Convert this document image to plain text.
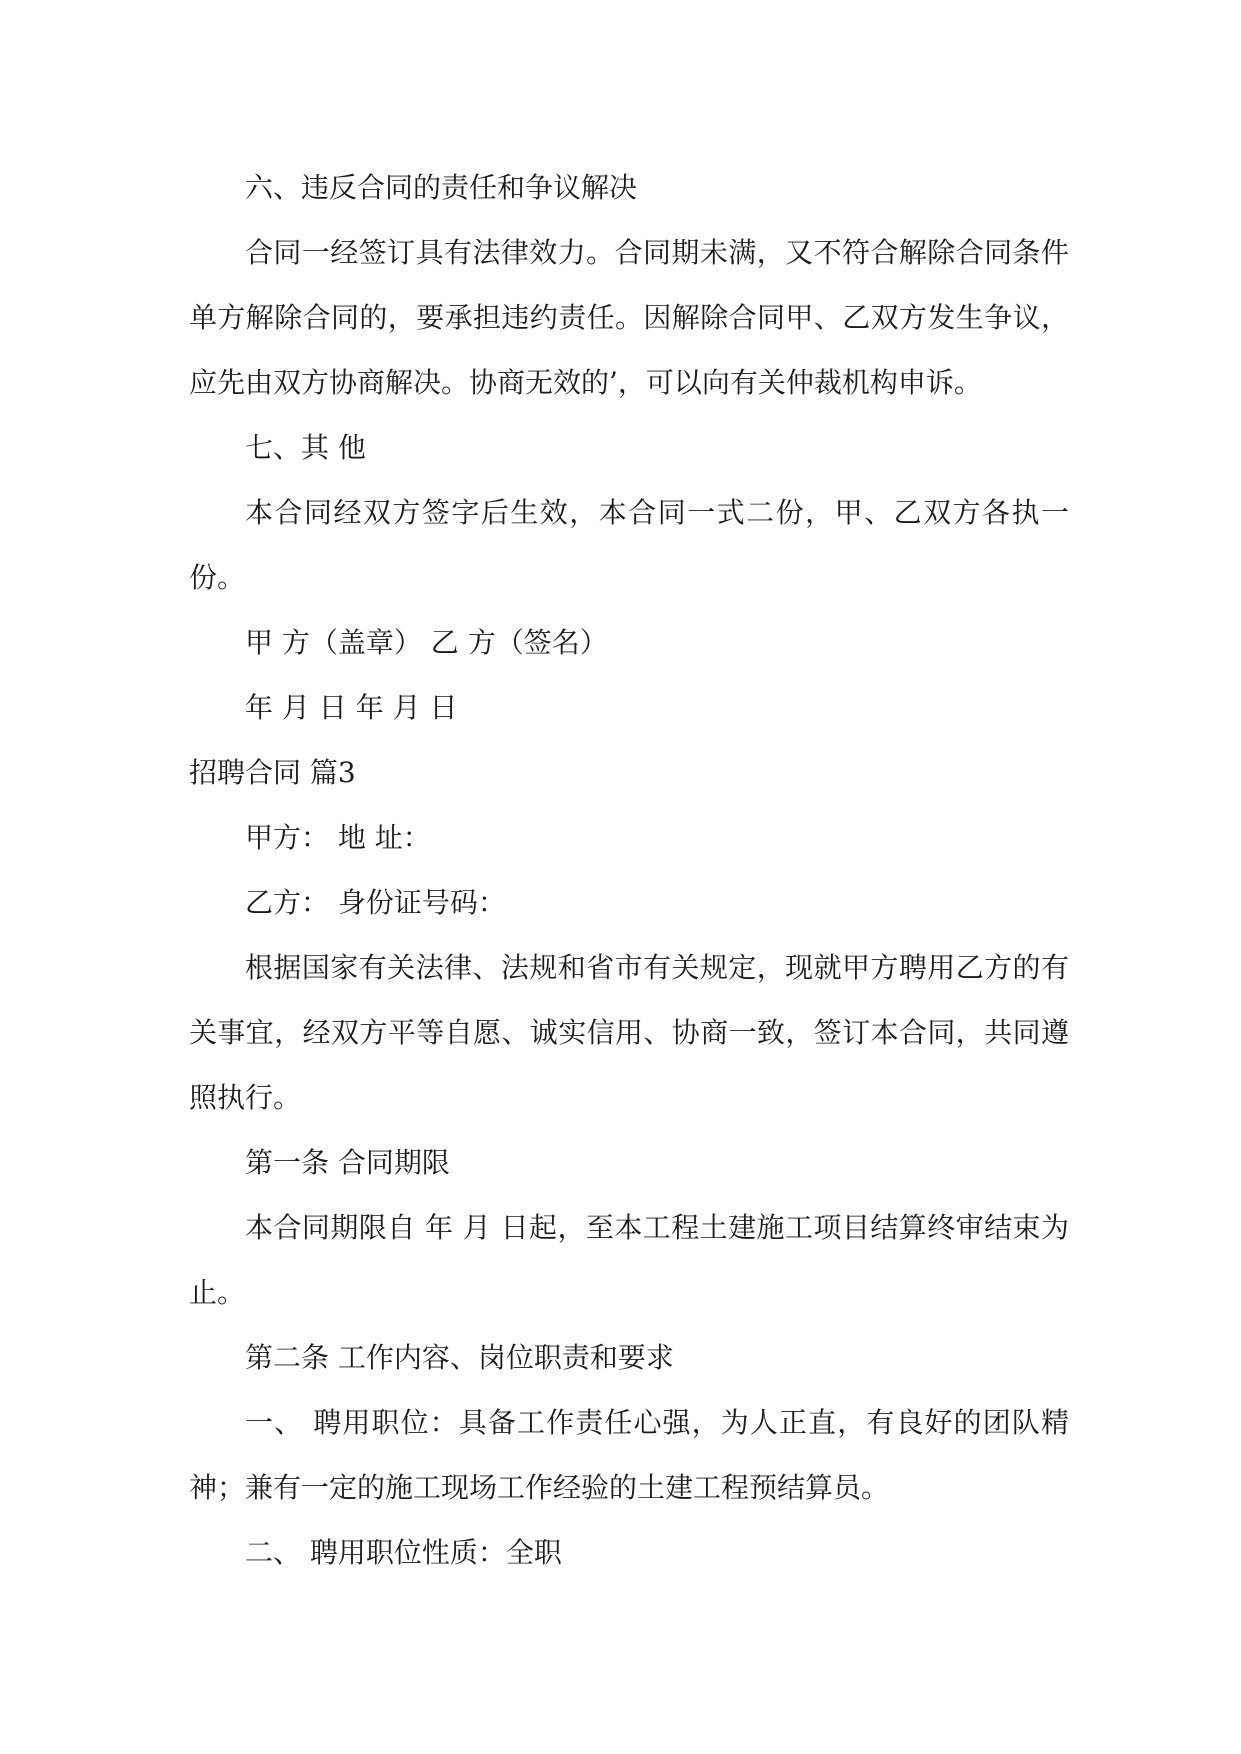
六、违反合同的责任和争议解决

合同一经签订具有法律效力。合同期未满，又不符合解除合同条件单方解除合同的，要承担违约责任。因解除合同甲、乙双方发生争议，应先由双方协商解决。协商无效的’，可以向有关仲裁机构申诉。

七、其 他

本合同经双方签字后生效，本合同一式二份，甲、乙双方各执一份。

甲 方（盖章） 乙 方（签名）

年 月 日 年 月 日

招聘合同 篇3

甲方： 地 址：

乙方： 身份证号码：

根据国家有关法律、法规和省市有关规定，现就甲方聘用乙方的有关事宜，经双方平等自愿、诚实信用、协商一致，签订本合同，共同遵照执行。

第一条 合同期限

本合同期限自 年 月 日起，至本工程土建施工项目结算终审结束为止。

第二条 工作内容、岗位职责和要求

一、 聘用职位：具备工作责任心强，为人正直，有良好的团队精神；兼有一定的施工现场工作经验的土建工程预结算员。

二、 聘用职位性质：全职
